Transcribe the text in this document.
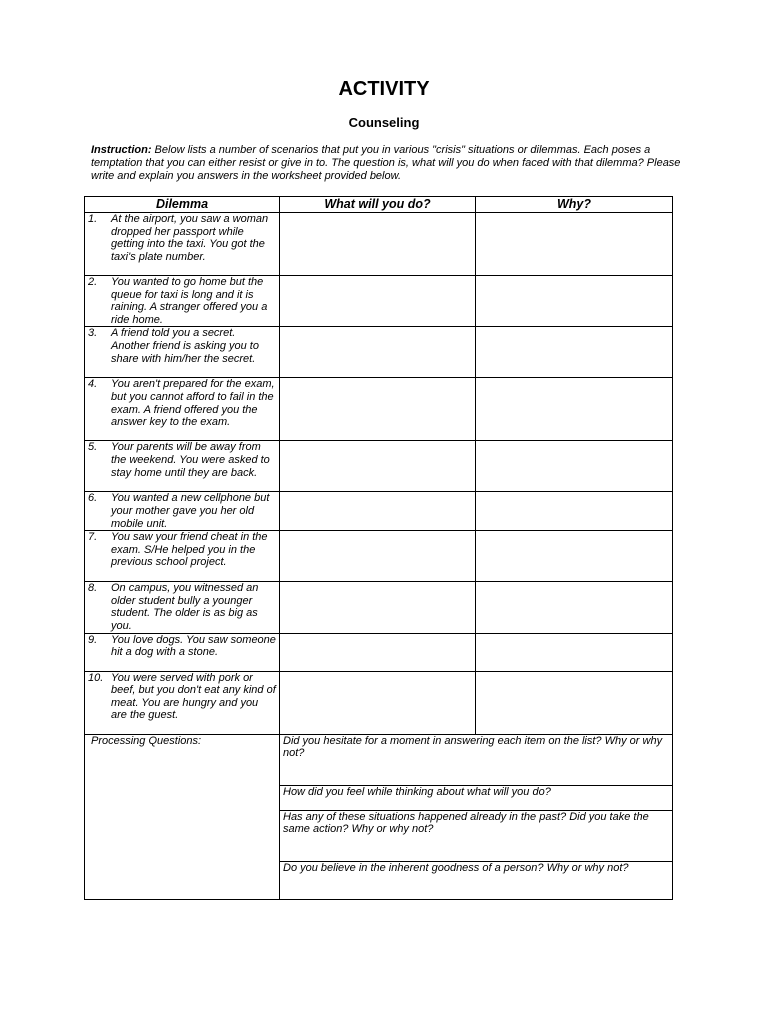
ACTIVITY
Counseling
Instruction: Below lists a number of scenarios that put you in various "crisis" situations or dilemmas. Each poses a temptation that you can either resist or give in to. The question is, what will you do when faced with that dilemma? Please write and explain you answers in the worksheet provided below.
Dilemma	What will you do?	Why?

1. At the airport, you saw a woman dropped her passport while getting into the taxi. You got the taxi's plate number.		

2. You wanted to go home but the queue for taxi is long and it is raining. A stranger offered you a ride home.		

3. A friend told you a secret. Another friend is asking you to share with him/her the secret.		

4. You aren't prepared for the exam, but you cannot afford to fail in the exam. A friend offered you the answer key to the exam.		

5. Your parents will be away from the weekend. You were asked to stay home until they are back.		

6. You wanted a new cellphone but your mother gave you her old mobile unit.		

7. You saw your friend cheat in the exam. S/He helped you in the previous school project.		

8. On campus, you witnessed an older student bully a younger student. The older is as big as you.		

9. You love dogs. You saw someone hit a dog with a stone.		

10. You were served with pork or beef, but you don't eat any kind of meat. You are hungry and you are the guest.		

Processing Questions:	Did you hesitate for a moment in answering each item on the list? Why or why not?	
	How did you feel while thinking about what will you do?	
	Has any of these situations happened already in the past? Did you take the same action? Why or why not?	
	Do you believe in the inherent goodness of a person? Why or why not?	
